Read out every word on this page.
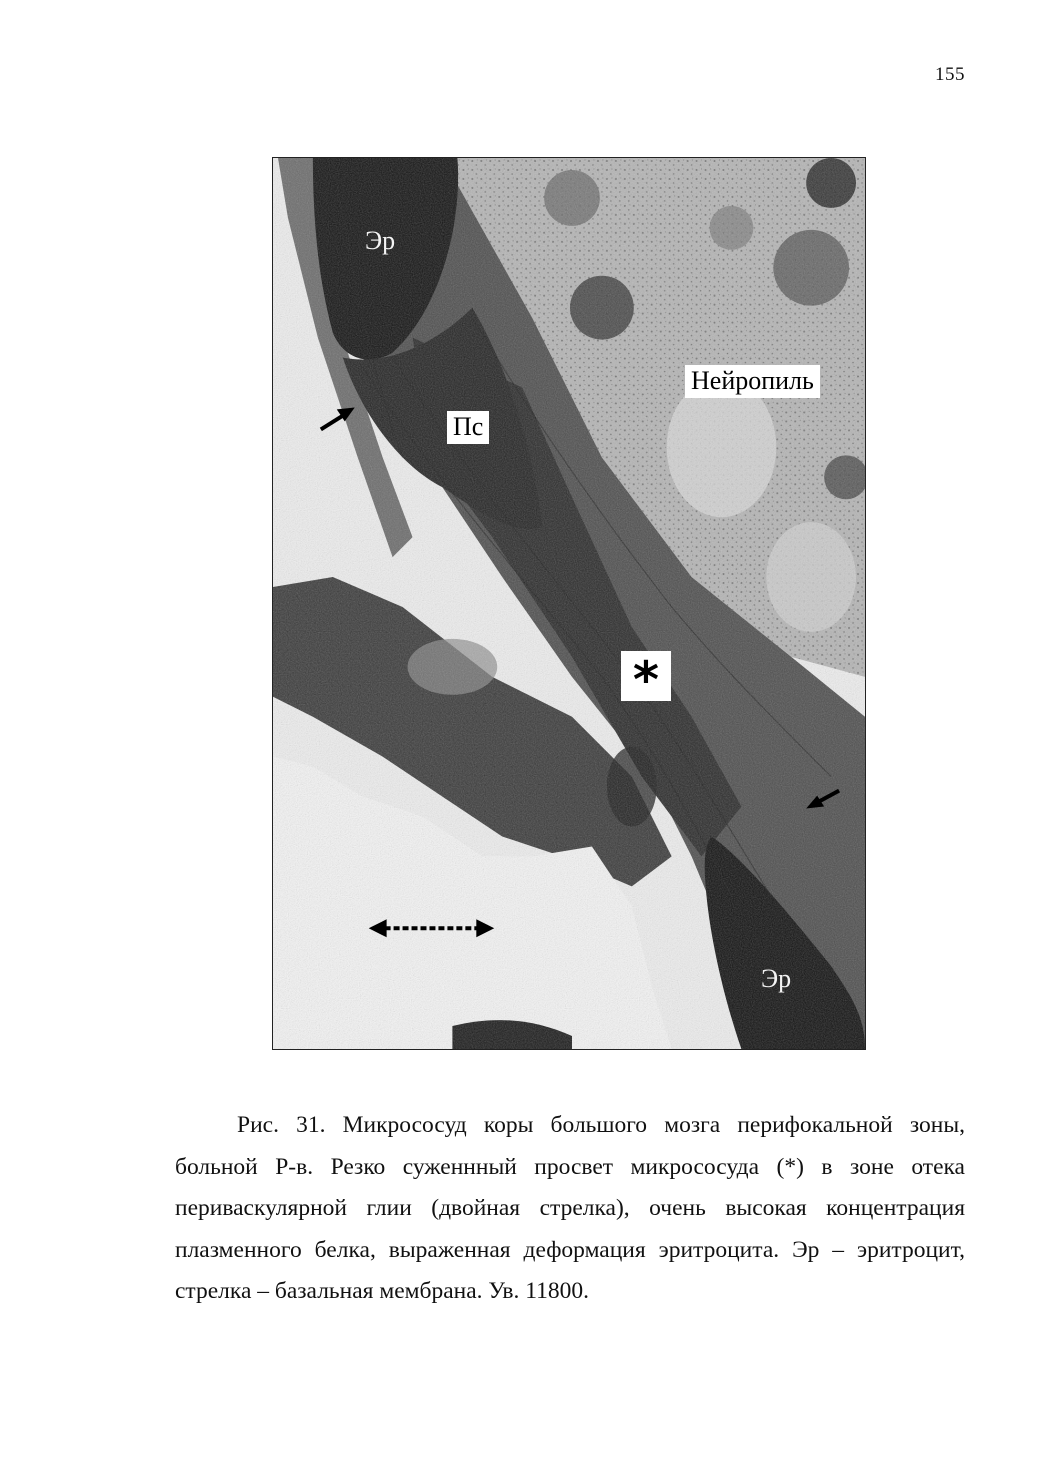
155
Эр
Нейропиль
Пс
*
Эр
Рис. 31. Микрососуд коры большого мозга перифокальной зоны, больной Р-в. Резко суженнный просвет микрососуда (*) в зоне отека периваскулярной глии (двойная стрелка), очень высокая концентрация плазменного белка, выраженная деформация эритроцита. Эр – эритроцит, стрелка – базальная мембрана. Ув. 11800.
